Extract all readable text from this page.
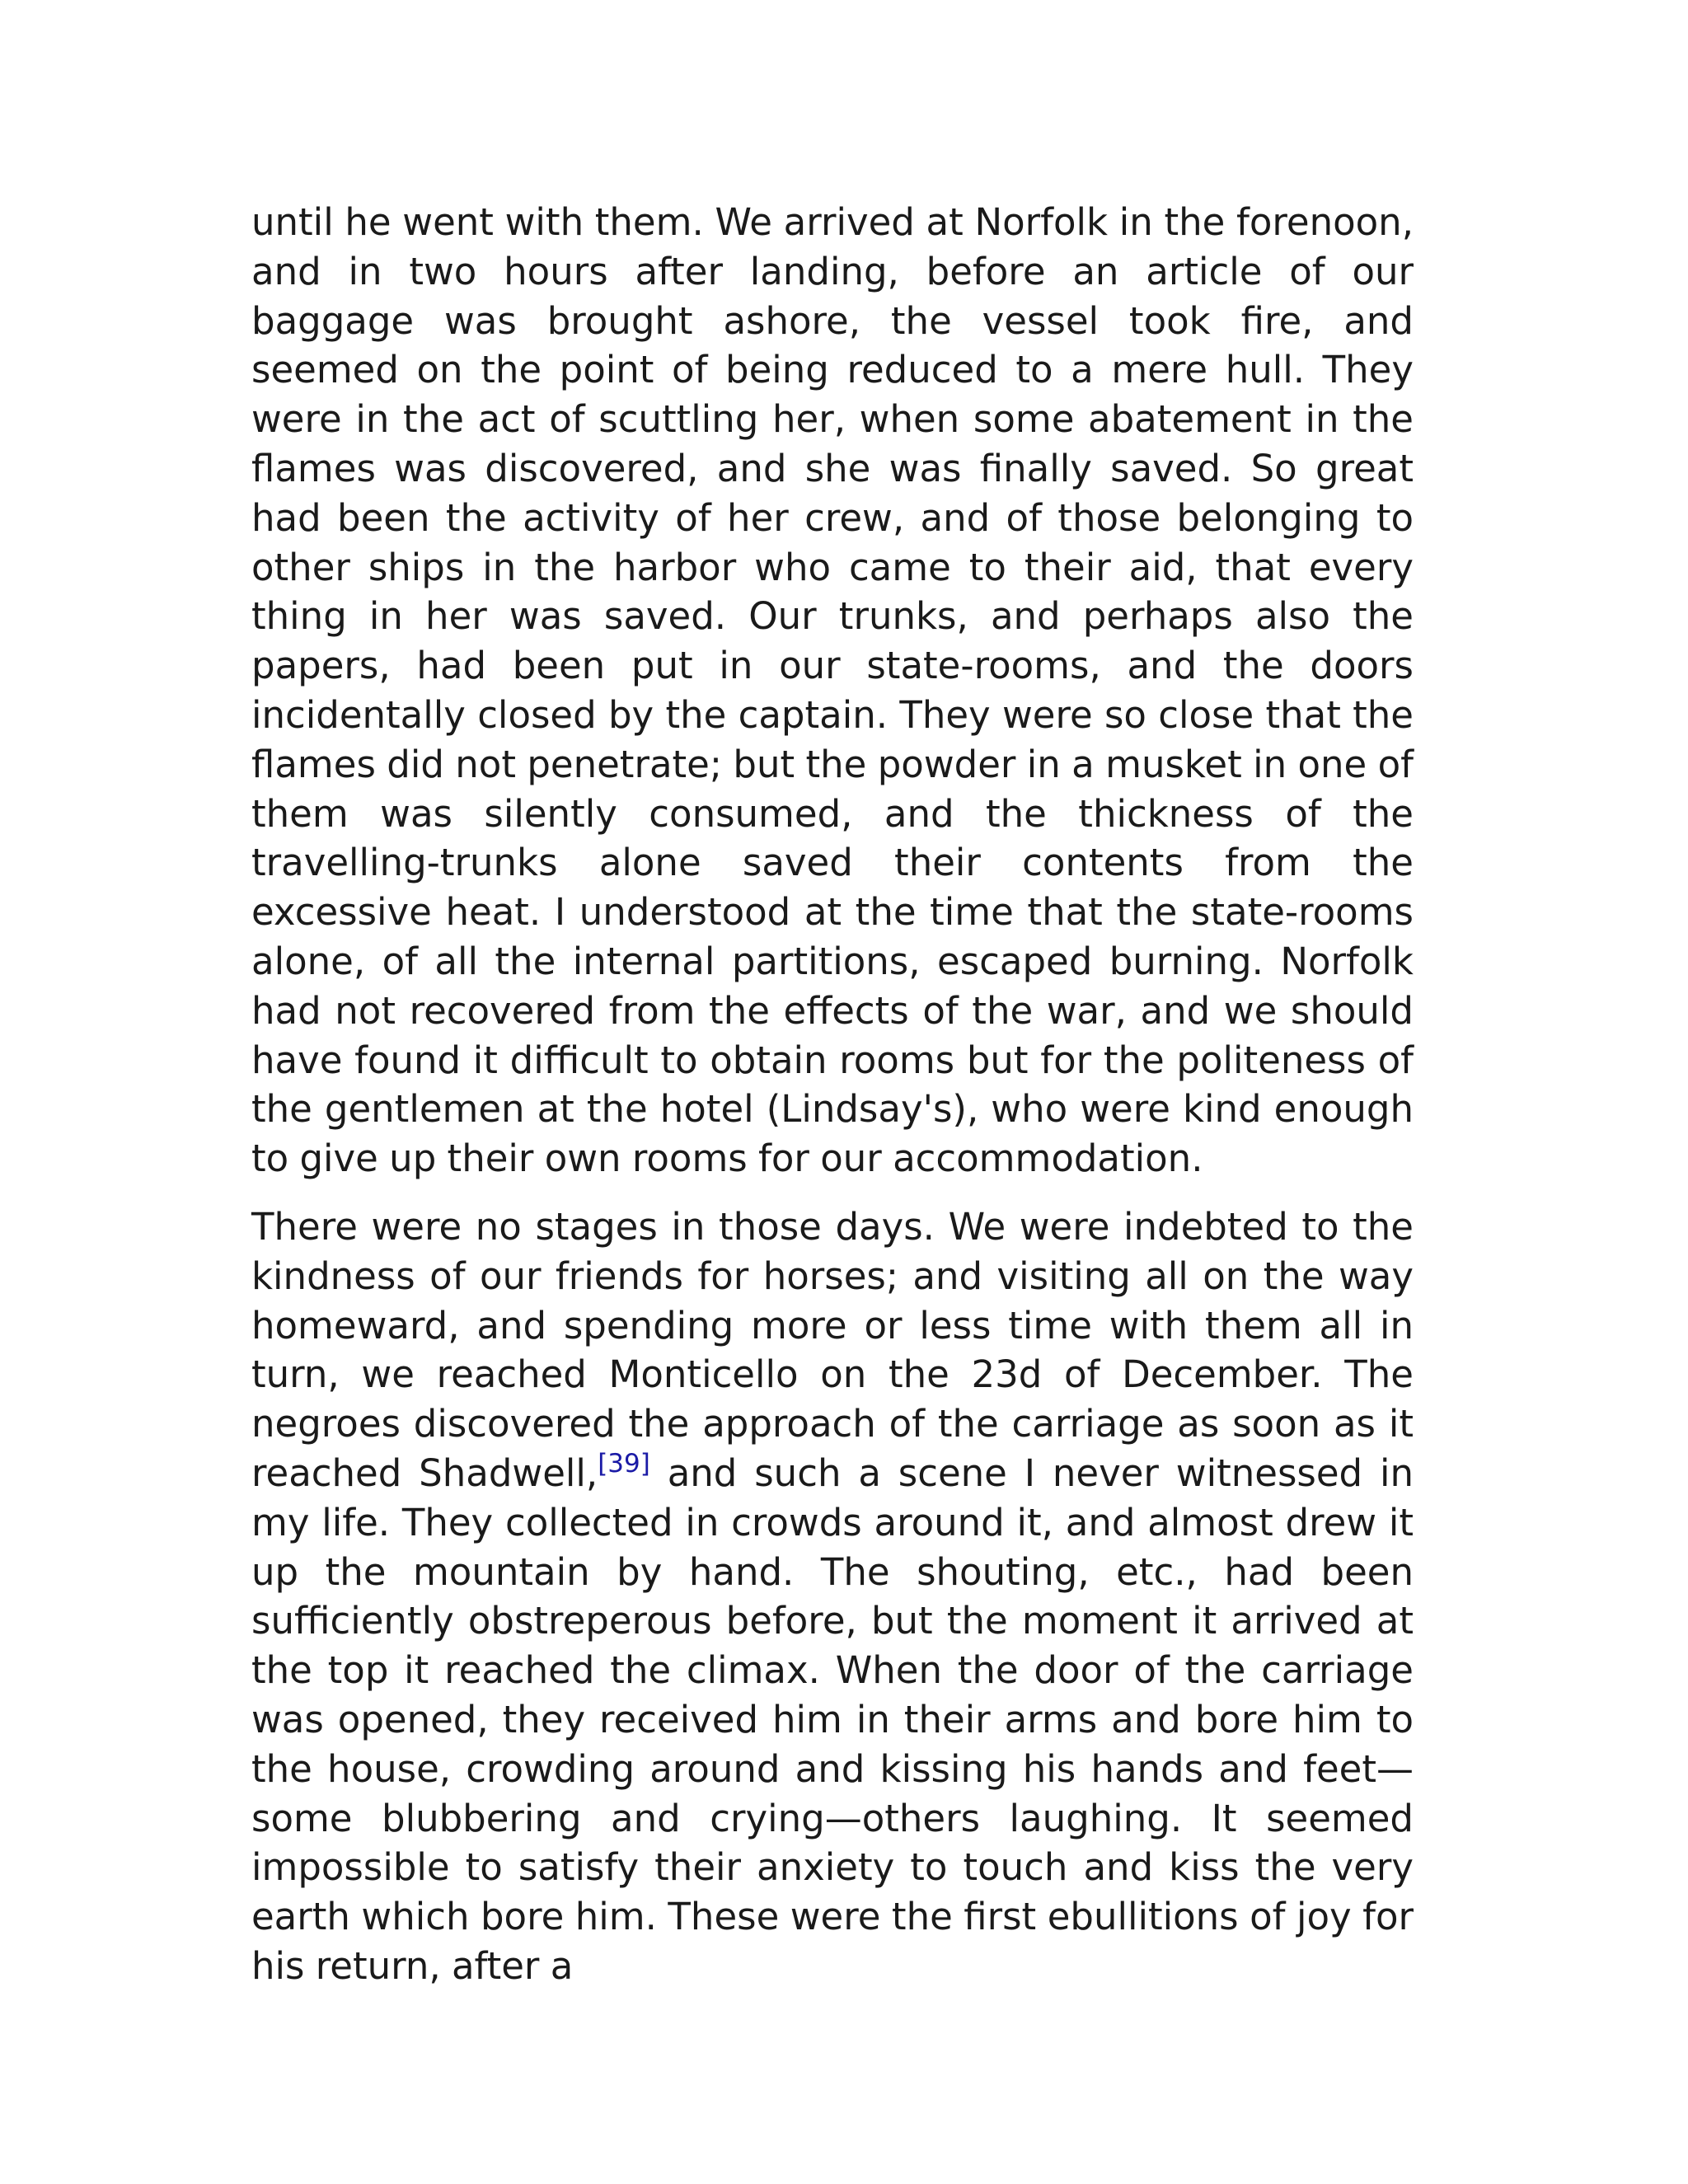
until he went with them. We arrived at Norfolk in the forenoon, and in two hours after landing, before an article of our baggage was brought ashore, the vessel took fire, and seemed on the point of being reduced to a mere hull. They were in the act of scuttling her, when some abatement in the flames was discovered, and she was finally saved. So great had been the activity of her crew, and of those belonging to other ships in the harbor who came to their aid, that every thing in her was saved. Our trunks, and perhaps also the papers, had been put in our state-rooms, and the doors incidentally closed by the captain. They were so close that the flames did not penetrate; but the powder in a musket in one of them was silently consumed, and the thickness of the travelling-trunks alone saved their contents from the excessive heat. I understood at the time that the state-rooms alone, of all the internal partitions, escaped burning. Norfolk had not recovered from the effects of the war, and we should have found it difficult to obtain rooms but for the politeness of the gentlemen at the hotel (Lindsay's), who were kind enough to give up their own rooms for our accommodation.

There were no stages in those days. We were indebted to the kindness of our friends for horses; and visiting all on the way homeward, and spending more or less time with them all in turn, we reached Monticello on the 23d of December. The negroes discovered the approach of the carriage as soon as it reached Shadwell,[39] and such a scene I never witnessed in my life. They collected in crowds around it, and almost drew it up the mountain by hand. The shouting, etc., had been sufficiently obstreperous before, but the moment it arrived at the top it reached the climax. When the door of the carriage was opened, they received him in their arms and bore him to the house, crowding around and kissing his hands and feet—some blubbering and crying—others laughing. It seemed impossible to satisfy their anxiety to touch and kiss the very earth which bore him. These were the first ebullitions of joy for his return, after a
